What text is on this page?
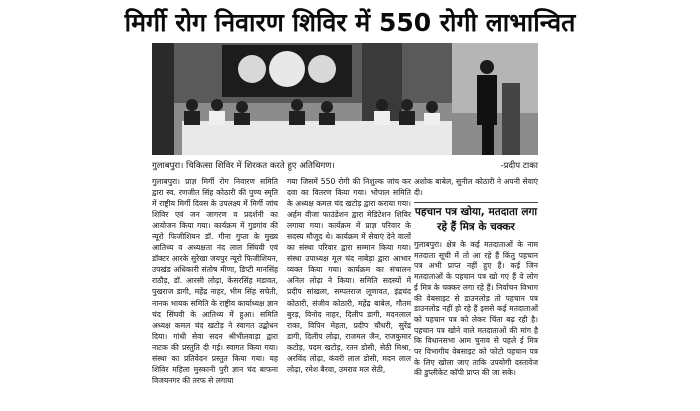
मिर्गी रोग निवारण शिविर में 550 रोगी लाभान्वित
गुलाबपुरा। चिकित्सा शिविर में शिरकत करते हुए अतिथिगण।	-प्रदीप टाका

गुलाबपुरा। प्राज्ञ मिर्गी रोग निवारण समिति द्वारा स्व. रणजीत सिंह कोठारी की पुण्य स्मृति में राष्ट्रीय मिर्गी दिवस के उपलक्ष्य में मिर्गी जांच शिविर एवं जन जागरण व प्रदर्शनी का आयोजन किया गया। कार्यक्रम में गुडगांव की न्यूरो फिजीशियन डॉ. गीना गुप्ता के मुख्य आतिथ्य व अध्यक्षता नंद लाल सिंघवी एवं डॉक्टर आरके सुरेखा जयपुर न्यूरो फिजीशियन, उपखंड अधिकारी संतोष मीणा, डिप्टी मानसिंह राठौड़, डॉ. आरसी लोढ़ा, केसरसिंह मडावत, पुखराज डागी, महेंद्र नाहर, भीम सिंह सचेती, नानक भायक समिति के राष्ट्रीय कार्याध्यक्ष ज्ञान चंद सिंघवी के आतिथ्य में हुआ। समिति अध्यक्ष कमल चंद खटोड़ ने स्वागत उद्बोधन दिया। गांधी सेवा सदन श्रीभीलवाड़ा द्वारा नाटक की प्रस्तुति दी गई। स्वागत किया गया। संस्था का प्रतिवेदन प्रस्तुत किया गया। यह शिविर महिला मुस्कानी पुरी ज्ञान चंद बाफना विजयनगर की तरफ से लगाया

गया जिसमें 550 रोगी की निशुल्क जांच कर दवा का वितरण किया गया। भोपाल समिति के अध्यक्ष कमल चंद खटोड़ द्वारा कराया गया। अर्हम वीजा फाउंडेशन द्वारा मेडिटेशन शिविर लगाया गया। कार्यक्रम में प्राज्ञ परिवार के सदस्य मौजूद थे। कार्यक्रम में सेवाएं देने वालों का संस्था परिवार द्वारा सम्मान किया गया। संस्था उपाध्यक्ष मूल चंद नाबेड़ा द्वारा आभार व्यक्त किया गया। कार्यक्रम का संचालन अनिल लोढ़ा ने किया। समिति सदस्यों में प्रदीप सांखला, सम्पतराज लूणावत, इंद्रचंद कोठारी, संजीव कोठारी, महेंद्र बाबेल, गौतम बुरड़, विनोद नाहर, दिलीप डागी, मदनलाल राका, विपिन मेहता, प्रदीप चौधरी, सुरेंद्र डागी, दिलीप लोढ़ा, राजमल जैन, राजकुमार कटोड़, पदम खटोड़, रतन डोसी, सेठी मिश्रा, अरविंद लोढ़ा, कंवरी लाल डोसी, मदन लाल लोढ़ा, रमेश बैरवा, उमराव मल सेठी,

अशोक बाबेल, सुनील कोठारी ने अपनी सेवाएं दी।

पहचान पत्र खोया, मतदाता लगा रहे हैं मित्र के चक्कर

गुलाबपुरा। क्षेत्र के कई मतदाताओं के नाम मतदाता सूची में तो आ रहे हैं किंतु पहचान पत्र अभी प्राप्त नहीं हुए हैं। कई जिन मतदाताओं के पहचान पत्र खो गए हैं वे लोग ई मित्र के चक्कर लगा रहे हैं। निर्वाचन विभाग की वेबसाइट से डाउनलोड तो पहचान पत्र डाउनलोड नहीं हो रहे हैं इससे कई मतदाताओं को पहचान पत्र को लेकर चिंता बढ़ रही है। पहचान पत्र खोने वाले मतदाताओं की मांग है कि विधानसभा आम चुनाव से पहले ई मित्र पर विभागीय वेबसाइट को फोटो पहचान पत्र के लिए खोला जाए ताकि उपयोगी दस्तावेज की डुप्लीकेट कॉपी प्राप्त की जा सके।
